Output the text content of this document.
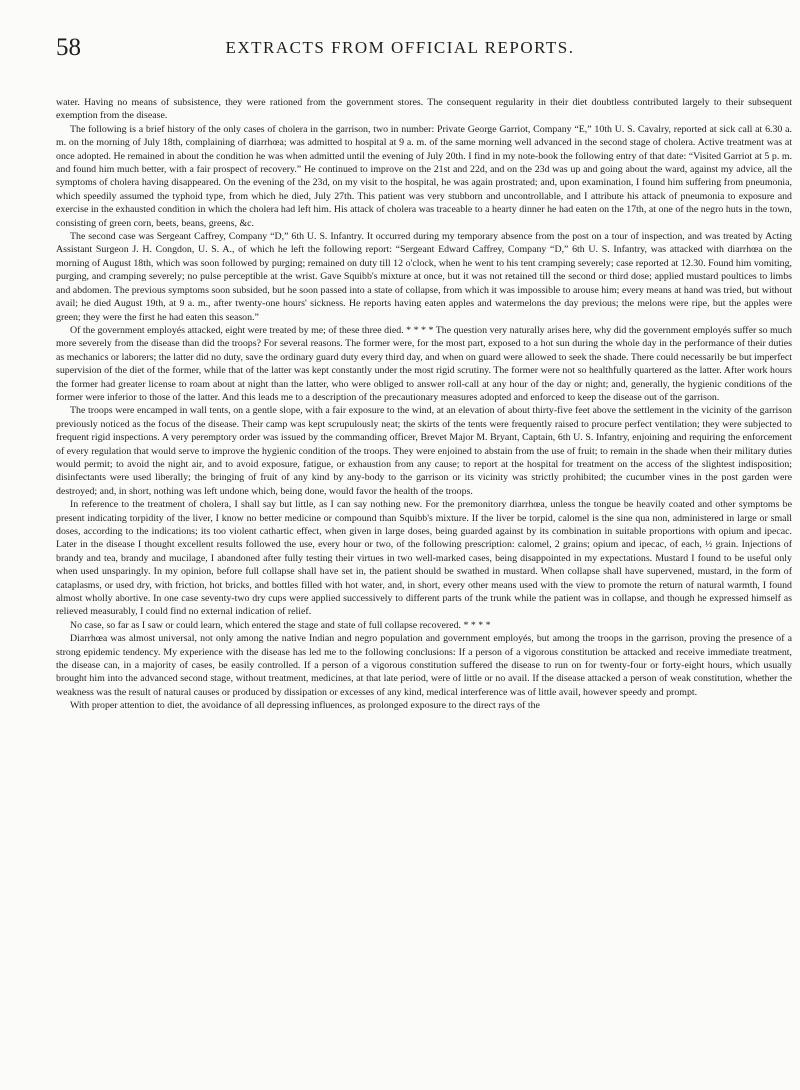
58	EXTRACTS FROM OFFICIAL REPORTS.

water. Having no means of subsistence, they were rationed from the government stores. The consequent regularity in their diet doubtless contributed largely to their subsequent exemption from the disease.

The following is a brief history of the only cases of cholera in the garrison, two in number: Private George Garriot, Company “E,” 10th U. S. Cavalry, reported at sick call at 6.30 a. m. on the morning of July 18th, complaining of diarrhœa; was admitted to hospital at 9 a. m. of the same morning well advanced in the second stage of cholera. Active treatment was at once adopted. He remained in about the condition he was when admitted until the evening of July 20th. I find in my note-book the following entry of that date: “Visited Garriot at 5 p. m. and found him much better, with a fair prospect of recovery.” He continued to improve on the 21st and 22d, and on the 23d was up and going about the ward, against my advice, all the symptoms of cholera having disappeared. On the evening of the 23d, on my visit to the hospital, he was again prostrated; and, upon examination, I found him suffering from pneumonia, which speedily assumed the typhoid type, from which he died, July 27th. This patient was very stubborn and uncontrollable, and I attribute his attack of pneumonia to exposure and exercise in the exhausted condition in which the cholera had left him. His attack of cholera was traceable to a hearty dinner he had eaten on the 17th, at one of the negro huts in the town, consisting of green corn, beets, beans, greens, &c.

The second case was Sergeant Caffrey, Company “D,” 6th U. S. Infantry. It occurred during my temporary absence from the post on a tour of inspection, and was treated by Acting Assistant Surgeon J. H. Congdon, U. S. A., of which he left the following report: “Sergeant Edward Caffrey, Company “D,” 6th U. S. Infantry, was attacked with diarrhœa on the morning of August 18th, which was soon followed by purging; remained on duty till 12 o'clock, when he went to his tent cramping severely; case reported at 12.30. Found him vomiting, purging, and cramping severely; no pulse perceptible at the wrist. Gave Squibb's mixture at once, but it was not retained till the second or third dose; applied mustard poultices to limbs and abdomen. The previous symptoms soon subsided, but he soon passed into a state of collapse, from which it was impossible to arouse him; every means at hand was tried, but without avail; he died August 19th, at 9 a. m., after twenty-one hours' sickness. He reports having eaten apples and watermelons the day previous; the melons were ripe, but the apples were green; they were the first he had eaten this season.”

Of the government employés attacked, eight were treated by me; of these three died. * * * * The question very naturally arises here, why did the government employés suffer so much more severely from the disease than did the troops? For several reasons. The former were, for the most part, exposed to a hot sun during the whole day in the performance of their duties as mechanics or laborers; the latter did no duty, save the ordinary guard duty every third day, and when on guard were allowed to seek the shade. There could necessarily be but imperfect supervision of the diet of the former, while that of the latter was kept constantly under the most rigid scrutiny. The former were not so healthfully quartered as the latter. After work hours the former had greater license to roam about at night than the latter, who were obliged to answer roll-call at any hour of the day or night; and, generally, the hygienic conditions of the former were inferior to those of the latter. And this leads me to a description of the precautionary measures adopted and enforced to keep the disease out of the garrison.

The troops were encamped in wall tents, on a gentle slope, with a fair exposure to the wind, at an elevation of about thirty-five feet above the settlement in the vicinity of the garrison previously noticed as the focus of the disease. Their camp was kept scrupulously neat; the skirts of the tents were frequently raised to procure perfect ventilation; they were subjected to frequent rigid inspections. A very peremptory order was issued by the commanding officer, Brevet Major M. Bryant, Captain, 6th U. S. Infantry, enjoining and requiring the enforcement of every regulation that would serve to improve the hygienic condition of the troops. They were enjoined to abstain from the use of fruit; to remain in the shade when their military duties would permit; to avoid the night air, and to avoid exposure, fatigue, or exhaustion from any cause; to report at the hospital for treatment on the access of the slightest indisposition; disinfectants were used liberally; the bringing of fruit of any kind by any-body to the garrison or its vicinity was strictly prohibited; the cucumber vines in the post garden were destroyed; and, in short, nothing was left undone which, being done, would favor the health of the troops.

In reference to the treatment of cholera, I shall say but little, as I can say nothing new. For the premonitory diarrhœa, unless the tongue be heavily coated and other symptoms be present indicating torpidity of the liver, I know no better medicine or compound than Squibb's mixture. If the liver be torpid, calomel is the sine qua non, administered in large or small doses, according to the indications; its too violent cathartic effect, when given in large doses, being guarded against by its combination in suitable proportions with opium and ipecac. Later in the disease I thought excellent results followed the use, every hour or two, of the following prescription: calomel, 2 grains; opium and ipecac, of each, ½ grain. Injections of brandy and tea, brandy and mucilage, I abandoned after fully testing their virtues in two well-marked cases, being disappointed in my expectations. Mustard I found to be useful only when used unsparingly. In my opinion, before full collapse shall have set in, the patient should be swathed in mustard. When collapse shall have supervened, mustard, in the form of cataplasms, or used dry, with friction, hot bricks, and bottles filled with hot water, and, in short, every other means used with the view to promote the return of natural warmth, I found almost wholly abortive. In one case seventy-two dry cups were applied successively to different parts of the trunk while the patient was in collapse, and though he expressed himself as relieved measurably, I could find no external indication of relief.

No case, so far as I saw or could learn, which entered the stage and state of full collapse recovered. * * * *

Diarrhœa was almost universal, not only among the native Indian and negro population and government employés, but among the troops in the garrison, proving the presence of a strong epidemic tendency. My experience with the disease has led me to the following conclusions: If a person of a vigorous constitution be attacked and receive immediate treatment, the disease can, in a majority of cases, be easily controlled. If a person of a vigorous constitution suffered the disease to run on for twenty-four or forty-eight hours, which usually brought him into the advanced second stage, without treatment, medicines, at that late period, were of little or no avail. If the disease attacked a person of weak constitution, whether the weakness was the result of natural causes or produced by dissipation or excesses of any kind, medical interference was of little avail, however speedy and prompt.

With proper attention to diet, the avoidance of all depressing influences, as prolonged exposure to the direct rays of the
